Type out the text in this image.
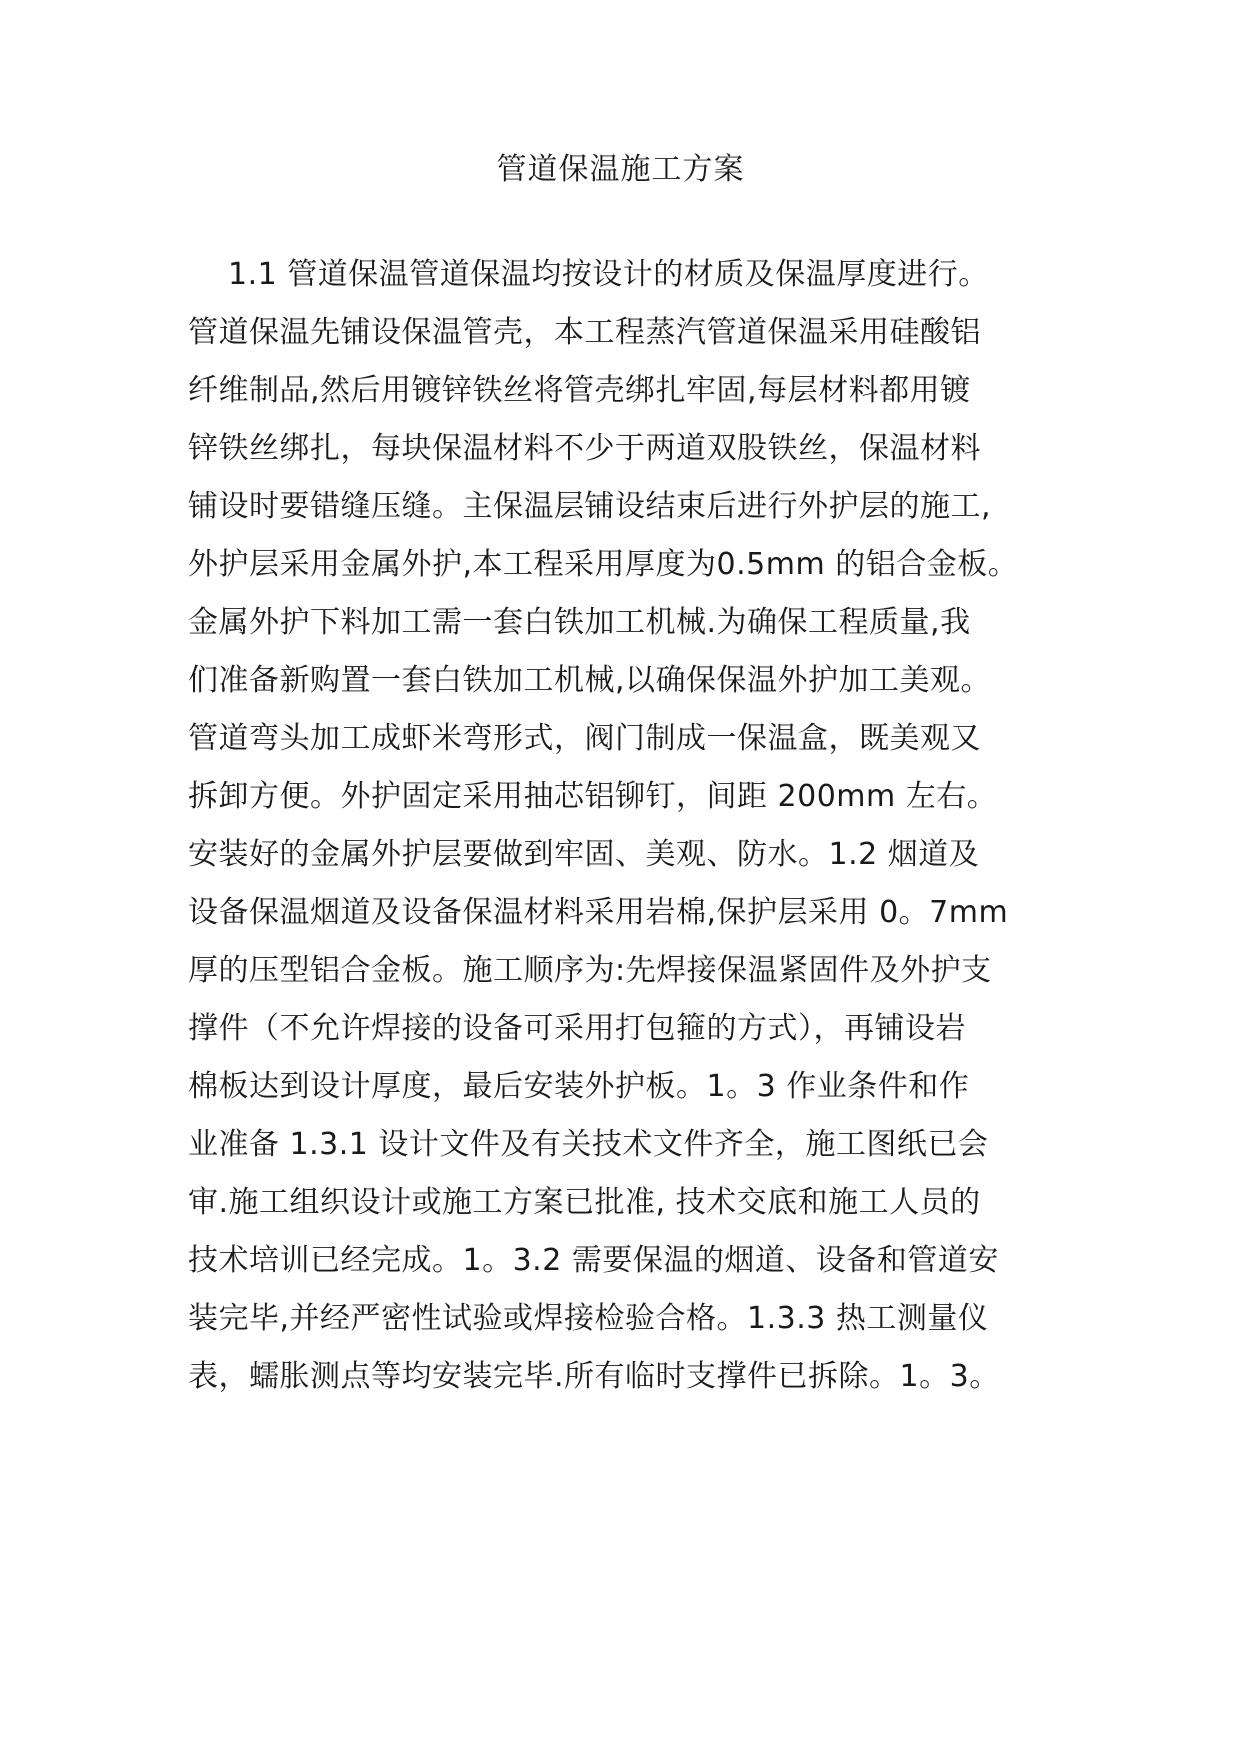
管道保温施工方案
1.1 管道保温管道保温均按设计的材质及保温厚度进行。
管道保温先铺设保温管壳，本工程蒸汽管道保温采用硅酸铝
纤维制品,然后用镀锌铁丝将管壳绑扎牢固,每层材料都用镀
锌铁丝绑扎，每块保温材料不少于两道双股铁丝，保温材料
铺设时要错缝压缝。主保温层铺设结束后进行外护层的施工,
外护层采用金属外护,本工程采用厚度为0.5mm 的铝合金板。
金属外护下料加工需一套白铁加工机械.为确保工程质量,我
们准备新购置一套白铁加工机械,以确保保温外护加工美观。
管道弯头加工成虾米弯形式，阀门制成一保温盒，既美观又
拆卸方便。外护固定采用抽芯铝铆钉，间距 200mm 左右。
安装好的金属外护层要做到牢固、美观、防水。1.2 烟道及
设备保温烟道及设备保温材料采用岩棉,保护层采用 0。7mm
厚的压型铝合金板。施工顺序为:先焊接保温紧固件及外护支
撑件（不允许焊接的设备可采用打包箍的方式），再铺设岩
棉板达到设计厚度，最后安装外护板。1。3 作业条件和作
业准备 1.3.1 设计文件及有关技术文件齐全，施工图纸已会
审.施工组织设计或施工方案已批准, 技术交底和施工人员的
技术培训已经完成。1。3.2 需要保温的烟道、设备和管道安
装完毕,并经严密性试验或焊接检验合格。1.3.3 热工测量仪
表，蠕胀测点等均安装完毕.所有临时支撑件已拆除。1。3。
